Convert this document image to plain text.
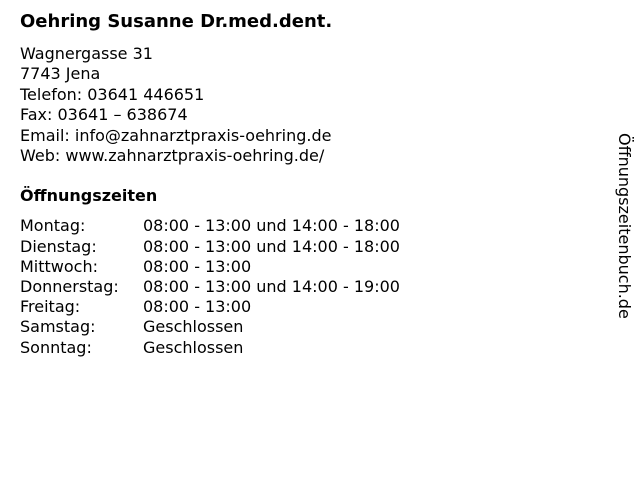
Oehring Susanne Dr.med.dent.
Wagnergasse 31
7743 Jena
Telefon: 03641 446651
Fax: 03641 – 638674
Email: info@zahnarztpraxis-oehring.de
Web: www.zahnarztpraxis-oehring.de/
Öffnungszeiten
Montag:	08:00 - 13:00 und 14:00 - 18:00
Dienstag:	08:00 - 13:00 und 14:00 - 18:00
Mittwoch:	08:00 - 13:00
Donnerstag:	08:00 - 13:00 und 14:00 - 19:00
Freitag:	08:00 - 13:00
Samstag:	Geschlossen
Sonntag:	Geschlossen
Öffnungszeitenbuch.de
